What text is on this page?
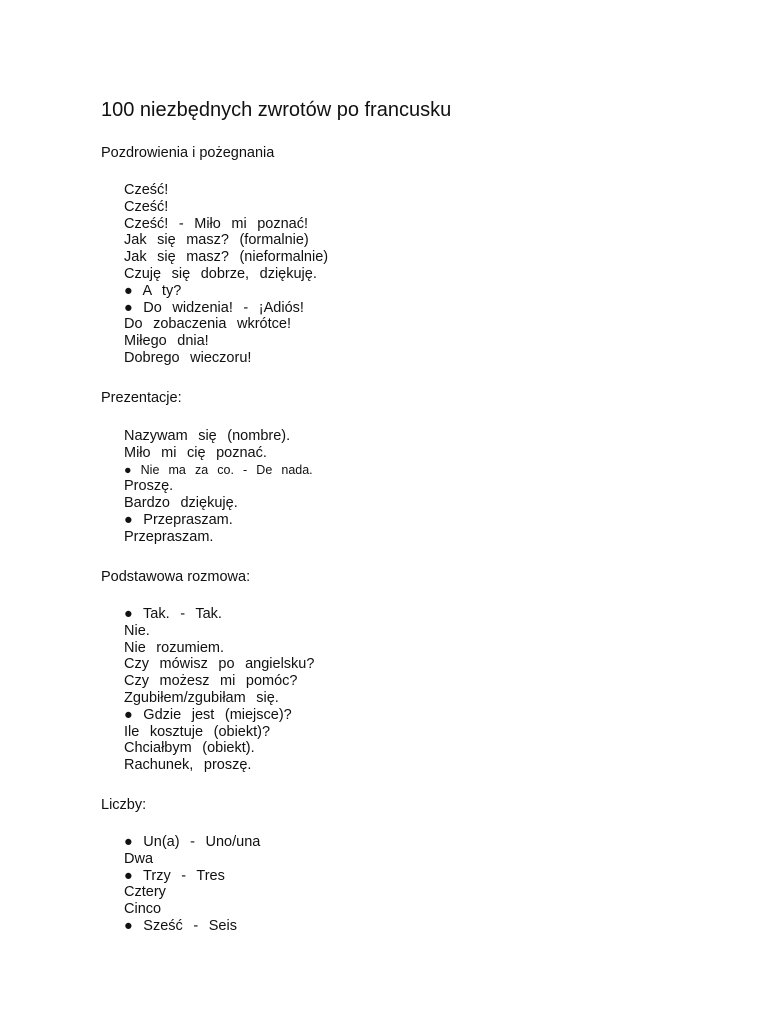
100 niezbędnych zwrotów po francusku
Pozdrowienia i pożegnania
Cześć!
Cześć!
Cześć! - Miło mi poznać!
Jak się masz? (formalnie)
Jak się masz? (nieformalnie)
Czuję się dobrze, dziękuję.
● A ty?
● Do widzenia! - ¡Adiós!
Do zobaczenia wkrótce!
Miłego dnia!
Dobrego wieczoru!
Prezentacje:
Nazywam się (nombre).
Miło mi cię poznać.
● Nie ma za co. - De nada.
Proszę.
Bardzo dziękuję.
● Przepraszam.
Przepraszam.
Podstawowa rozmowa:
● Tak. - Tak.
Nie.
Nie rozumiem.
Czy mówisz po angielsku?
Czy możesz mi pomóc?
Zgubiłem/zgubiłam się.
● Gdzie jest (miejsce)?
Ile kosztuje (obiekt)?
Chciałbym (obiekt).
Rachunek, proszę.
Liczby:
● Un(a) - Uno/una
Dwa
● Trzy - Tres
Cztery
Cinco
● Sześć - Seis
